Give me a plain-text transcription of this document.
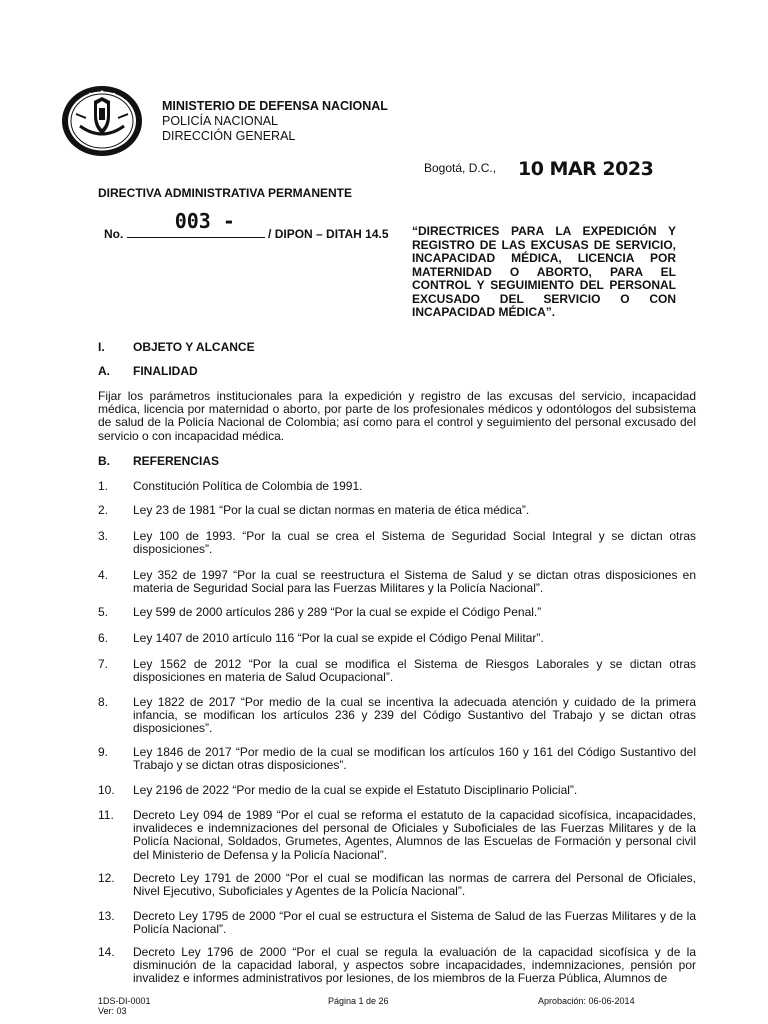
MINISTERIO DE DEFENSA NACIONAL
POLICÍA NACIONAL
DIRECCIÓN GENERAL
Bogotá, D.C., 10 MAR 2023
DIRECTIVA ADMINISTRATIVA PERMANENTE
No.
003 -
/ DIPON – DITAH 14.5 “DIRECTRICES PARA LA EXPEDICIÓN Y REGISTRO DE LAS EXCUSAS DE SERVICIO, INCAPACIDAD MÉDICA, LICENCIA POR MATERNIDAD O ABORTO, PARA EL CONTROL Y SEGUIMIENTO DEL PERSONAL EXCUSADO DEL SERVICIO O CON INCAPACIDAD MÉDICA”.
I. OBJETO Y ALCANCE
A. FINALIDAD
Fijar los parámetros institucionales para la expedición y registro de las excusas del servicio, incapacidad médica, licencia por maternidad o aborto, por parte de los profesionales médicos y odontólogos del subsistema de salud de la Policía Nacional de Colombia; así como para el control y seguimiento del personal excusado del servicio o con incapacidad médica.
B. REFERENCIAS
1.	Constitución Política de Colombia de 1991.
2.	Ley 23 de 1981 “Por la cual se dictan normas en materia de ética médica”.
3.	Ley 100 de 1993. “Por la cual se crea el Sistema de Seguridad Social Integral y se dictan otras disposiciones”.
4.	Ley 352 de 1997 “Por la cual se reestructura el Sistema de Salud y se dictan otras disposiciones en materia de Seguridad Social para las Fuerzas Militares y la Policía Nacional”.
5.	Ley 599 de 2000 artículos 286 y 289 “Por la cual se expide el Código Penal.”
6.	Ley 1407 de 2010 artículo 116 “Por la cual se expide el Código Penal Militar”.
7.	Ley 1562 de 2012 “Por la cual se modifica el Sistema de Riesgos Laborales y se dictan otras disposiciones en materia de Salud Ocupacional”.
8.	Ley 1822 de 2017 “Por medio de la cual se incentiva la adecuada atención y cuidado de la primera infancia, se modifican los artículos 236 y 239 del Código Sustantivo del Trabajo y se dictan otras disposiciones”.
9.	Ley 1846 de 2017 “Por medio de la cual se modifican los artículos 160 y 161 del Código Sustantivo del Trabajo y se dictan otras disposiciones”.
10.	Ley 2196 de 2022 “Por medio de la cual se expide el Estatuto Disciplinario Policial”.
11.	Decreto Ley 094 de 1989 “Por el cual se reforma el estatuto de la capacidad sicofísica, incapacidades, invalideces e indemnizaciones del personal de Oficiales y Suboficiales de las Fuerzas Militares y de la Policía Nacional, Soldados, Grumetes, Agentes, Alumnos de las Escuelas de Formación y personal civil del Ministerio de Defensa y la Policía Nacional”.
12.	Decreto Ley 1791 de 2000 “Por el cual se modifican las normas de carrera del Personal de Oficiales, Nivel Ejecutivo, Suboficiales y Agentes de la Policía Nacional”.
13.	Decreto Ley 1795 de 2000 “Por el cual se estructura el Sistema de Salud de las Fuerzas Militares y de la Policía Nacional”.
14.	Decreto Ley 1796 de 2000 “Por el cual se regula la evaluación de la capacidad sicofísica y de la disminución de la capacidad laboral, y aspectos sobre incapacidades, indemnizaciones, pensión por invalidez e informes administrativos por lesiones, de los miembros de la Fuerza Pública, Alumnos de
1DS-DI-0001
Ver: 03
Página 1 de 26	Aprobación: 06-06-2014
